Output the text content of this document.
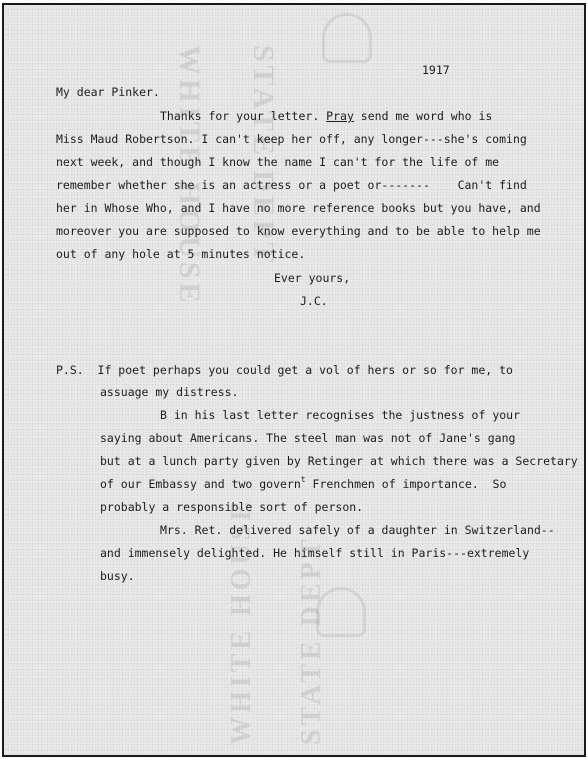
WHITE HOUSE STATE DEPT
WHITE HOUSE STATE DEPT
1917
My dear Pinker.
Thanks for your letter. Pray send me word who is
Miss Maud Robertson. I can't keep her off, any longer---she's coming
next week, and though I know the name I can't for the life of me
remember whether she is an actress or a poet or-------    Can't find
her in Whose Who, and I have no more reference books but you have, and
moreover you are supposed to know everything and to be able to help me
out of any hole at 5 minutes notice.
Ever yours,
J.C.
P.S.  If poet perhaps you could get a vol of hers or so for me, to
assuage my distress.
B in his last letter recognises the justness of your
saying about Americans. The steel man was not of Jane's gang
but at a lunch party given by Retinger at which there was a Secretary
of our Embassy and two govern$^t$ Frenchmen of importance.  So
probably a responsible sort of person.
Mrs. Ret. delivered safely of a daughter in Switzerland--
and immensely delighted. He himself still in Paris---extremely
busy.
